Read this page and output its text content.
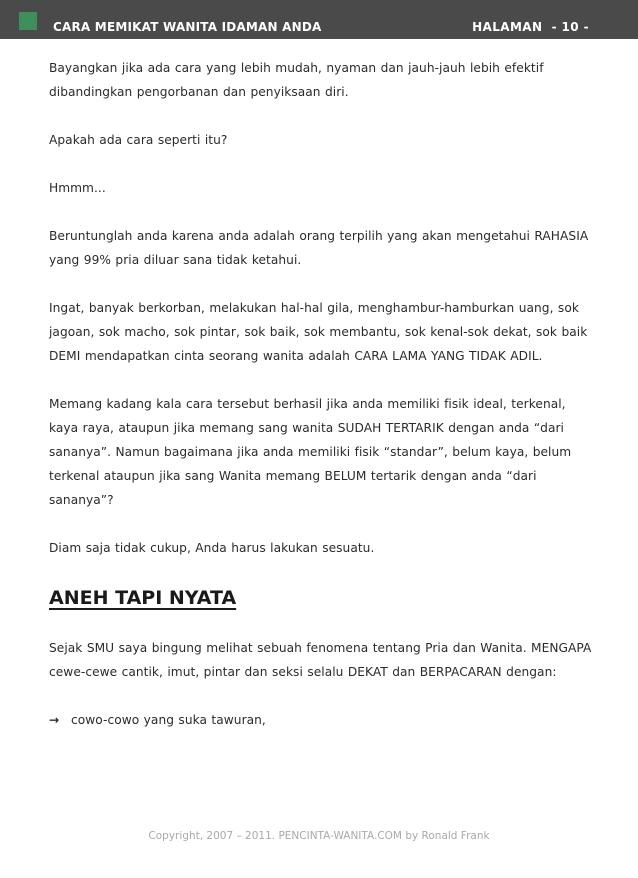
CARA MEMIKAT WANITA IDAMAN ANDA	HALAMAN  - 10 -

Bayangkan jika ada cara yang lebih mudah, nyaman dan jauh-jauh lebih efektif dibandingkan pengorbanan dan penyiksaan diri.

Apakah ada cara seperti itu?

Hmmm...

Beruntunglah anda karena anda adalah orang terpilih yang akan mengetahui RAHASIA yang 99% pria diluar sana tidak ketahui.

Ingat, banyak berkorban, melakukan hal-hal gila, menghambur-hamburkan uang, sok jagoan, sok macho, sok pintar, sok baik, sok membantu, sok kenal-sok dekat, sok baik DEMI mendapatkan cinta seorang wanita adalah CARA LAMA YANG TIDAK ADIL.

Memang kadang kala cara tersebut berhasil jika anda memiliki fisik ideal, terkenal, kaya raya, ataupun jika memang sang wanita SUDAH TERTARIK dengan anda “dari sananya”. Namun bagaimana jika anda memiliki fisik “standar”, belum kaya, belum terkenal ataupun jika sang Wanita memang BELUM tertarik dengan anda “dari sananya”?

Diam saja tidak cukup, Anda harus lakukan sesuatu.

ANEH TAPI NYATA

Sejak SMU saya bingung melihat sebuah fenomena tentang Pria dan Wanita. MENGAPA cewe-cewe cantik, imut, pintar dan seksi selalu DEKAT dan BERPACARAN dengan:

→ cowo-cowo yang suka tawuran,

Copyright, 2007 – 2011. PENCINTA-WANITA.COM by Ronald Frank
